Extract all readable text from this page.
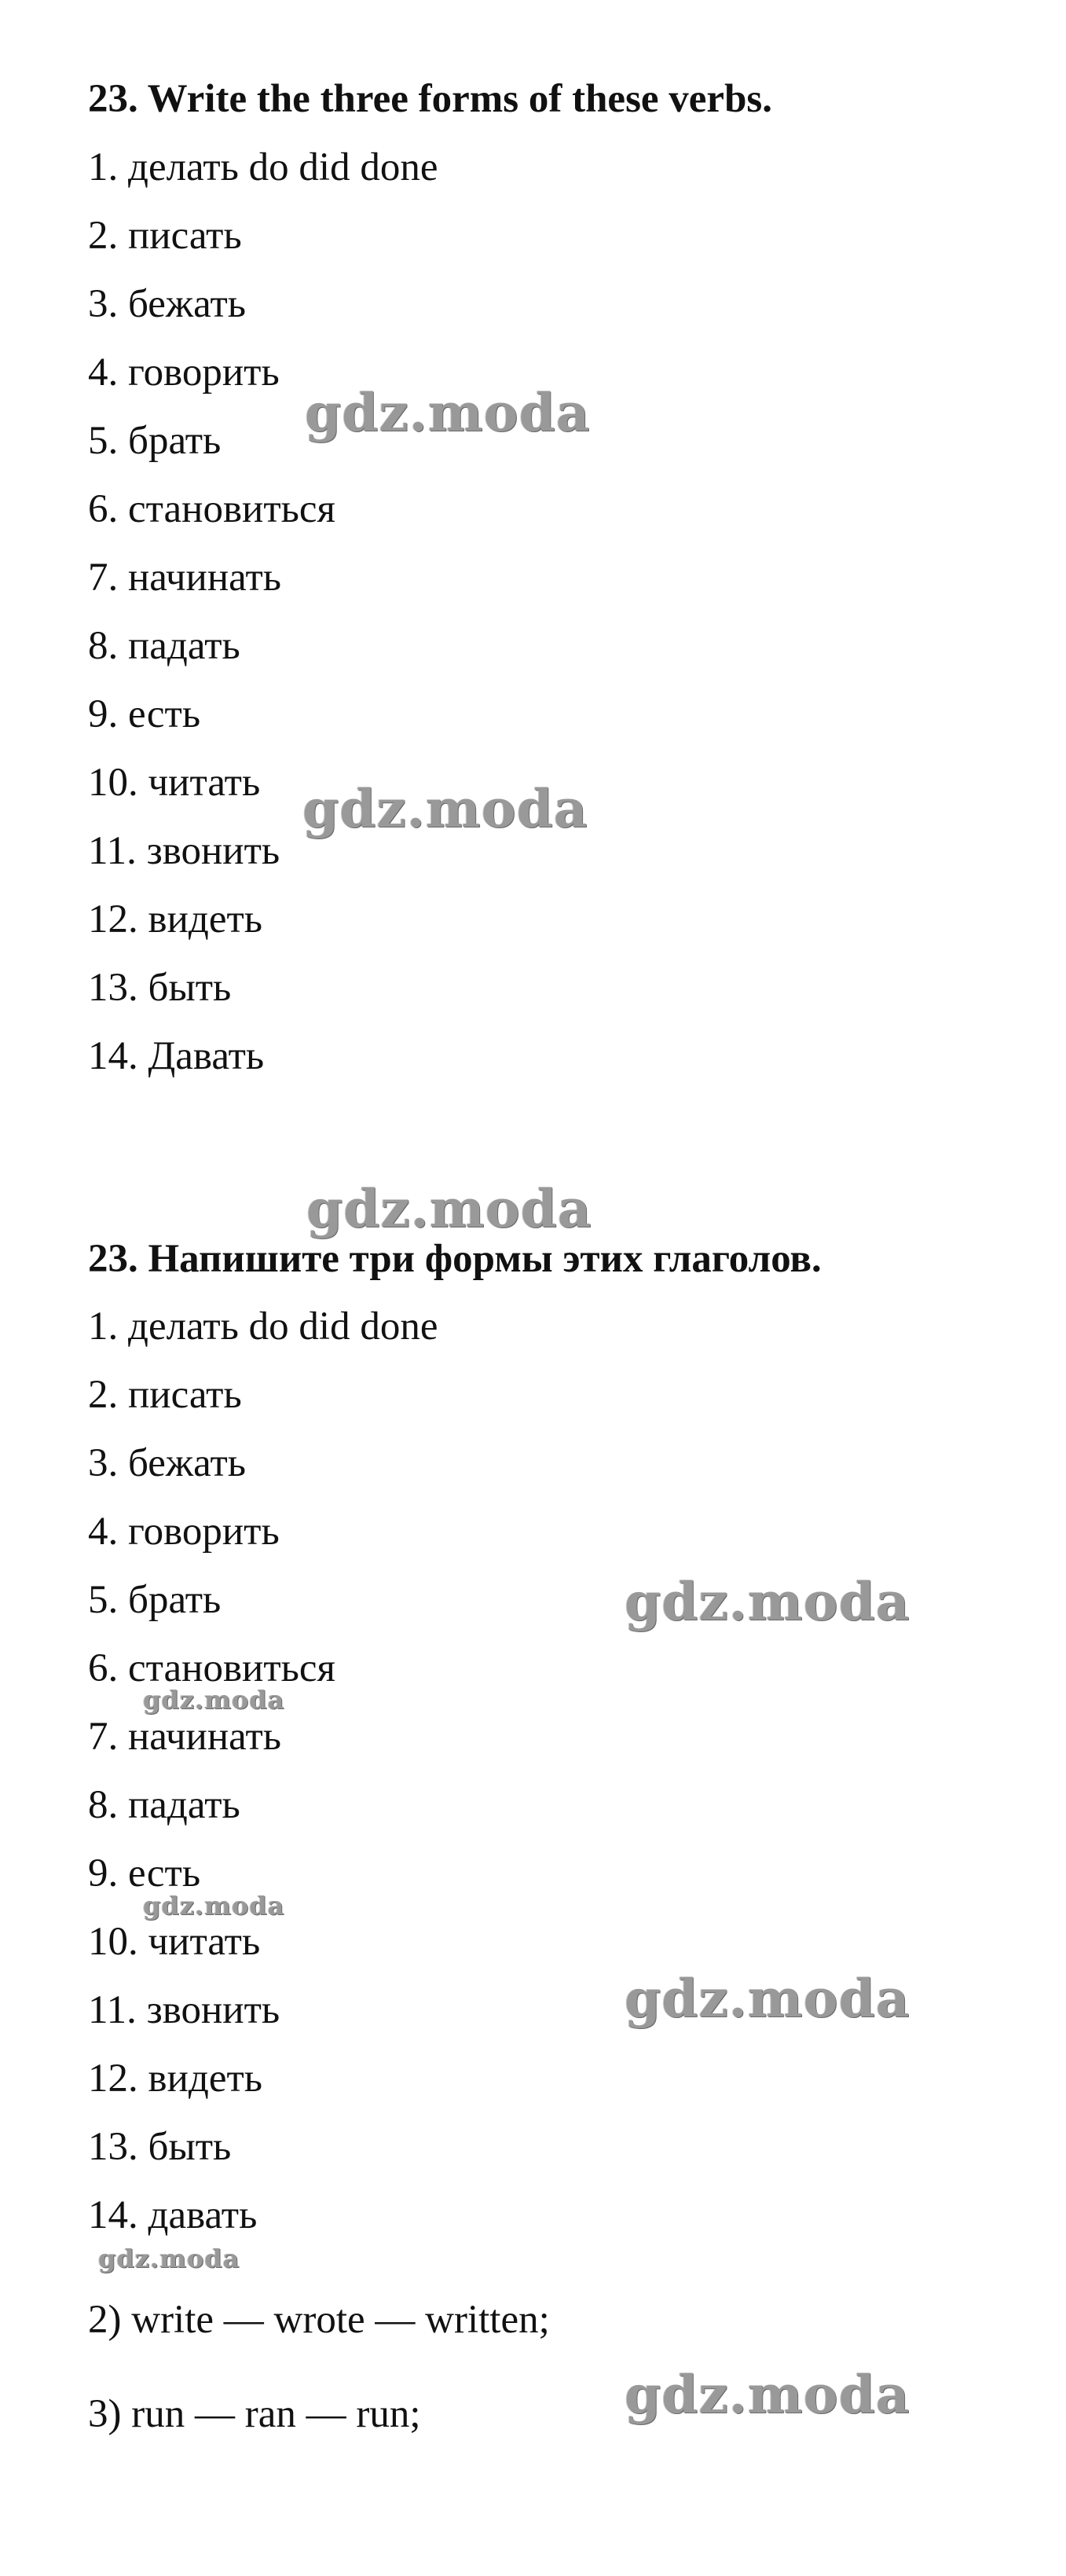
23. Write the three forms of these verbs.
1. делать do did done
2. писать
3. бежать
4. говорить
5. брать
6. становиться
7. начинать
8. падать
9. есть
10. читать
11. звонить
12. видеть
13. быть
14. Давать
23. Напишите три формы этих глаголов.
1. делать do did done
2. писать
3. бежать
4. говорить
5. брать
6. становиться
7. начинать
8. падать
9. есть
10. читать
11. звонить
12. видеть
13. быть
14. давать
2) write — wrote — written;
3) run — ran — run;
gdz.moda
gdz.moda
gdz.moda
gdz.moda
gdz.moda
gdz.moda
gdz.moda
gdz.moda
gdz.moda
